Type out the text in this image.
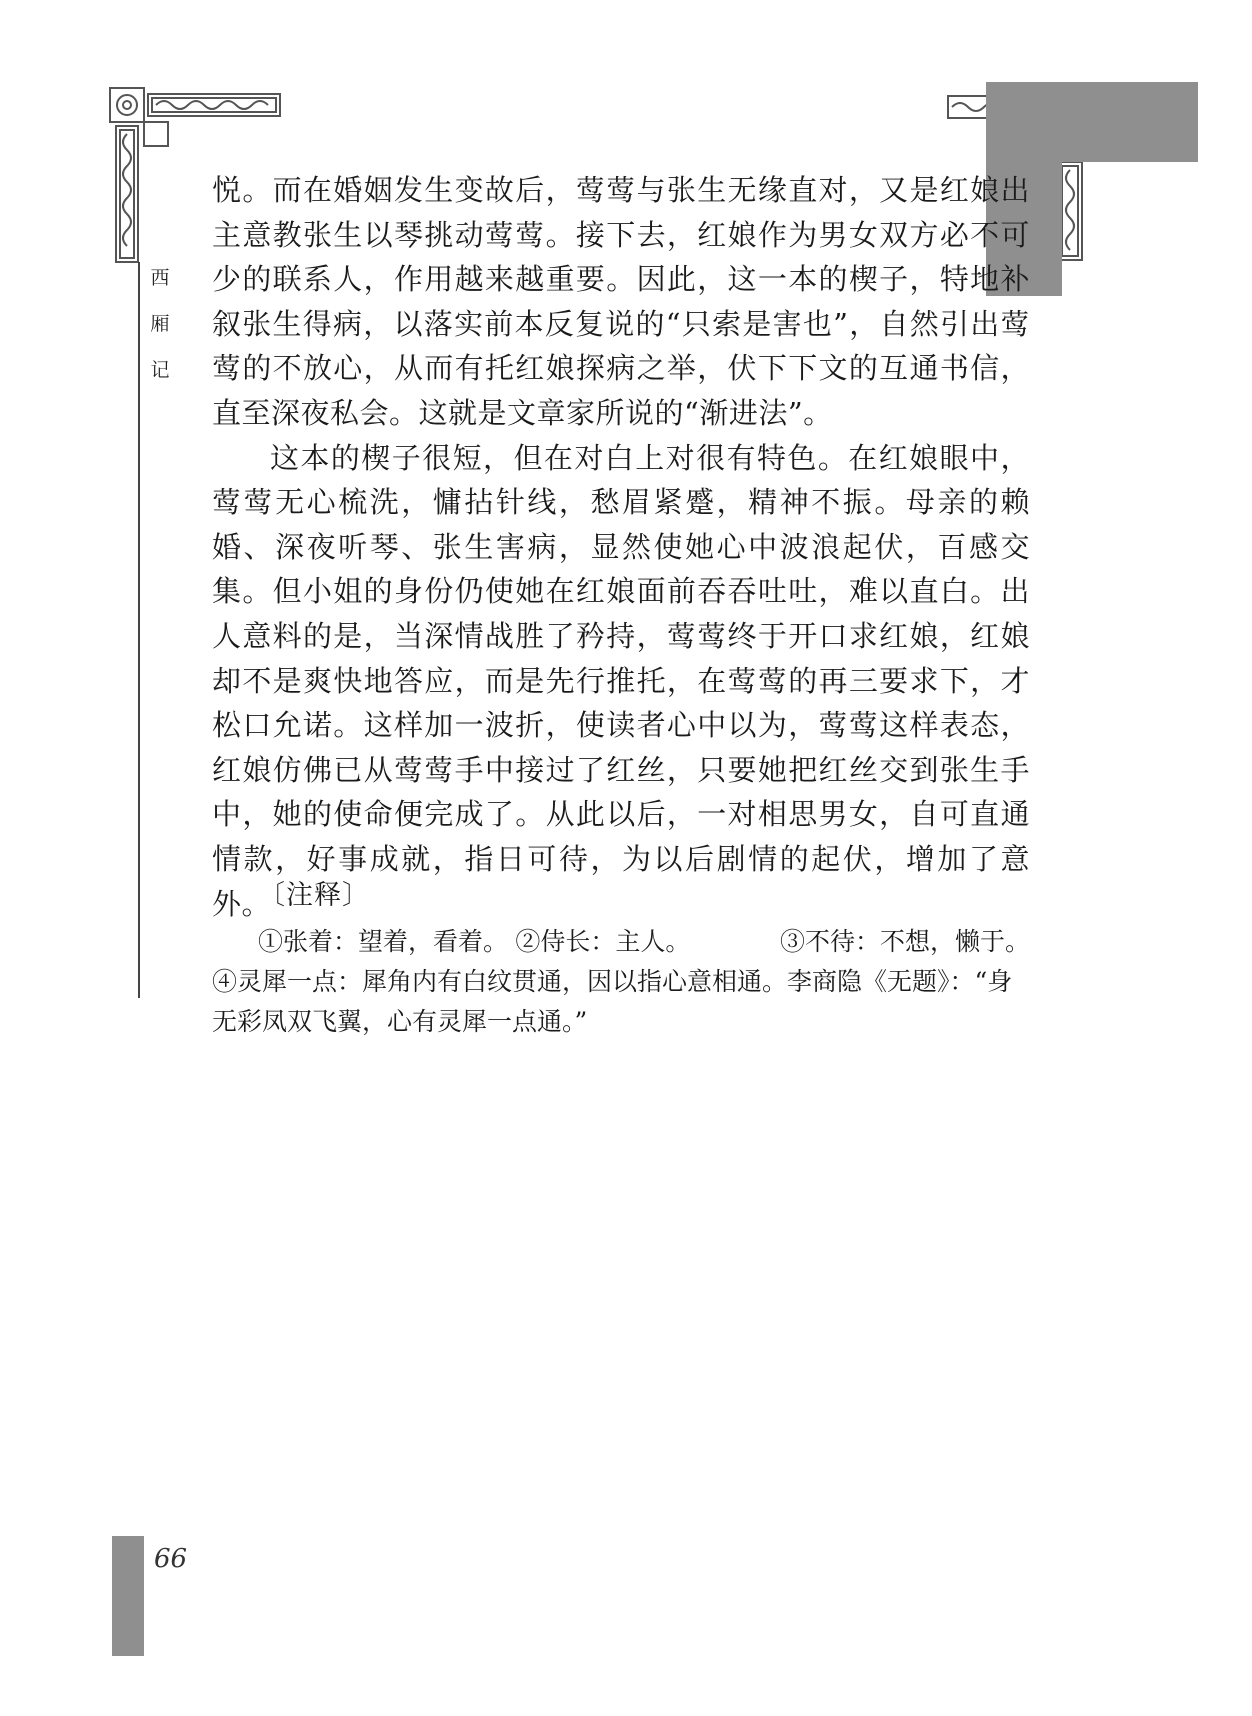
西
厢
记

悦。而在婚姻发生变故后，莺莺与张生无缘直对，又是红娘出主意教张生以琴挑动莺莺。接下去，红娘作为男女双方必不可少的联系人，作用越来越重要。因此，这一本的楔子，特地补叙张生得病，以落实前本反复说的“只索是害也”，自然引出莺莺的不放心，从而有托红娘探病之举，伏下下文的互通书信，直至深夜私会。这就是文章家所说的“渐进法”。

这本的楔子很短，但在对白上对很有特色。在红娘眼中，莺莺无心梳洗，慵拈针线，愁眉紧蹙，精神不振。母亲的赖婚、深夜听琴、张生害病，显然使她心中波浪起伏，百感交集。但小姐的身份仍使她在红娘面前吞吞吐吐，难以直白。出人意料的是，当深情战胜了矜持，莺莺终于开口求红娘，红娘却不是爽快地答应，而是先行推托，在莺莺的再三要求下，才松口允诺。这样加一波折，使读者心中以为，莺莺这样表态，红娘仿佛已从莺莺手中接过了红丝，只要她把红丝交到张生手中，她的使命便完成了。从此以后，一对相思男女，自可直通情款，好事成就，指日可待，为以后剧情的起伏，增加了意外。

〔注释〕
①张着：望着，看着。 ②侍长：主人。	③不待：不想，懒于。
④灵犀一点：犀角内有白纹贯通，因以指心意相通。李商隐《无题》：“身无彩凤双飞翼，心有灵犀一点通。”
66
